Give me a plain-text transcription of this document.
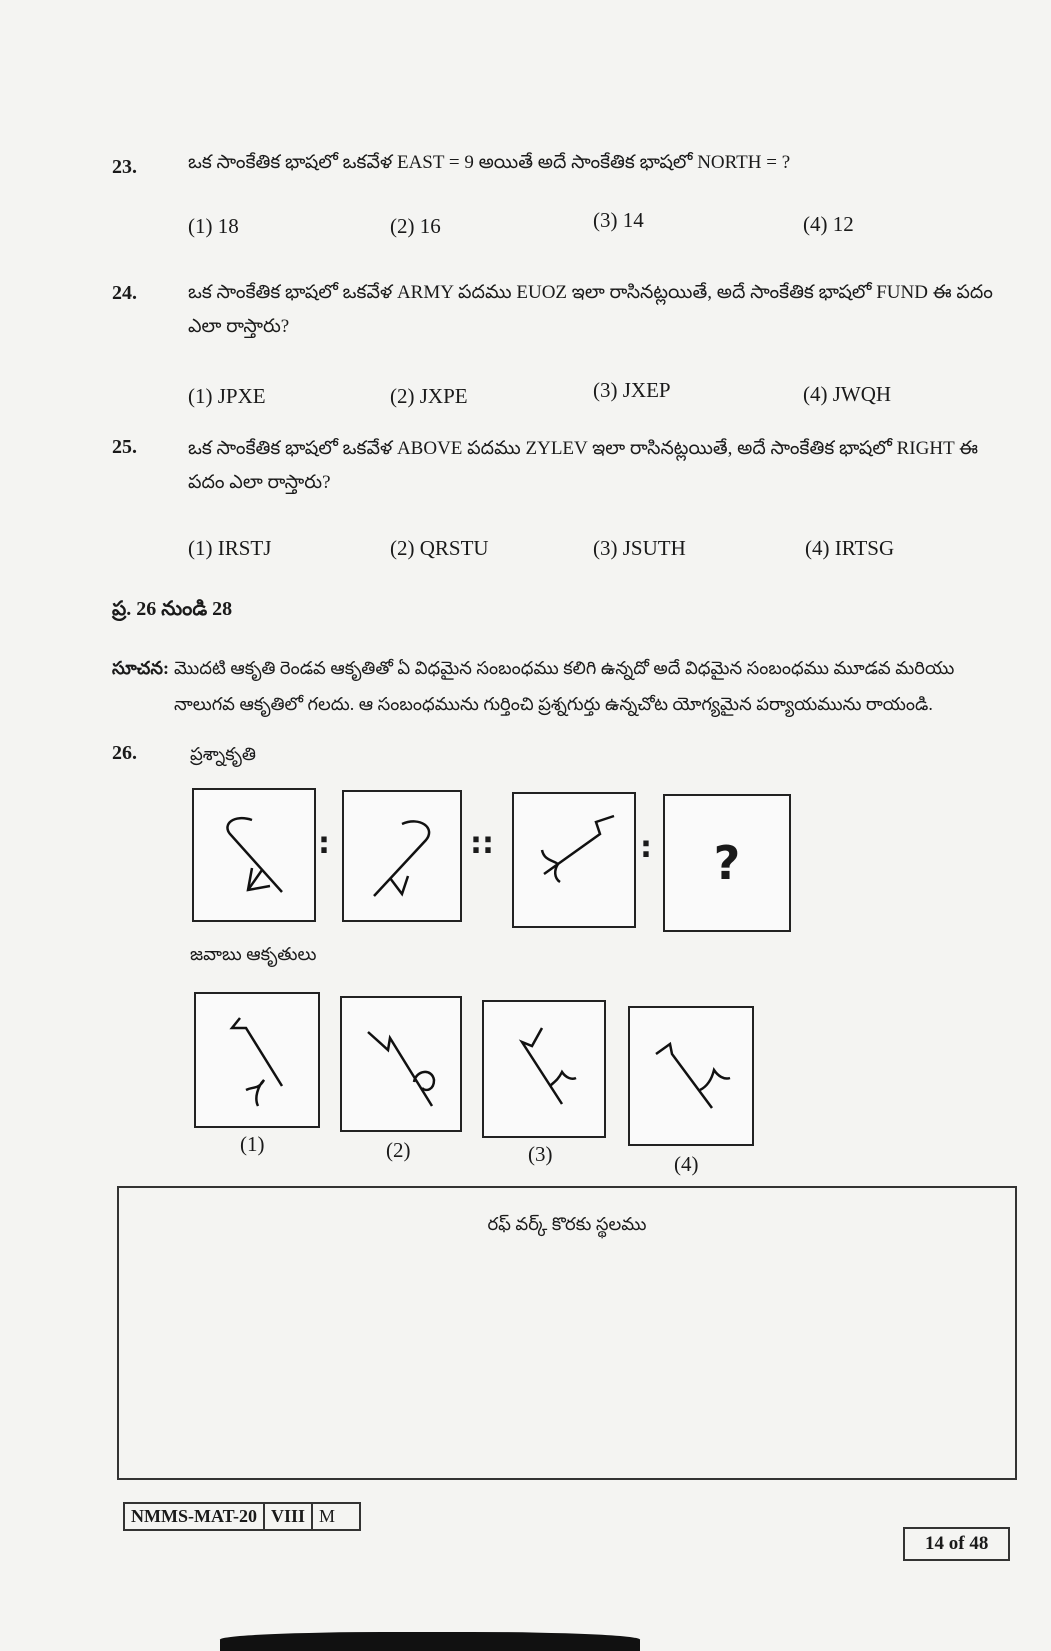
23.	ఒక సాంకేతిక భాషలో ఒకవేళ EAST = 9 అయితే అదే సాంకేతిక భాషలో NORTH = ?
(1) 18	(2) 16	(3) 14	(4) 12
24.	ఒక సాంకేతిక భాషలో ఒకవేళ ARMY పదము EUOZ ఇలా రాసినట్లయితే, అదే సాంకేతిక భాషలో FUND ఈ పదం ఎలా రాస్తారు?
(1) JPXE	(2) JXPE	(3) JXEP	(4) JWQH
25.	ఒక సాంకేతిక భాషలో ఒకవేళ ABOVE పదము ZYLEV ఇలా రాసినట్లయితే, అదే సాంకేతిక భాషలో RIGHT ఈ పదం ఎలా రాస్తారు?
(1) IRSTJ	(2) QRSTU	(3) JSUTH	(4) IRTSG
ప్ర. 26 నుండి 28
సూచన: మొదటి ఆకృతి రెండవ ఆకృతితో ఏ విధమైన సంబంధము కలిగి ఉన్నదో అదే విధమైన సంబంధము మూడవ మరియు నాలుగవ ఆకృతిలో గలదు. ఆ సంబంధమును గుర్తించి ప్రశ్నగుర్తు ఉన్నచోట యోగ్యమైన పర్యాయమును రాయండి.
26.	ప్రశ్నాకృతి
:	::	: ?
జవాబు ఆకృతులు
(1)	(2)	(3)	(4)
రఫ్ వర్క్ కొరకు స్థలము
NMMS-MAT-20 VIII M
14 of 48
